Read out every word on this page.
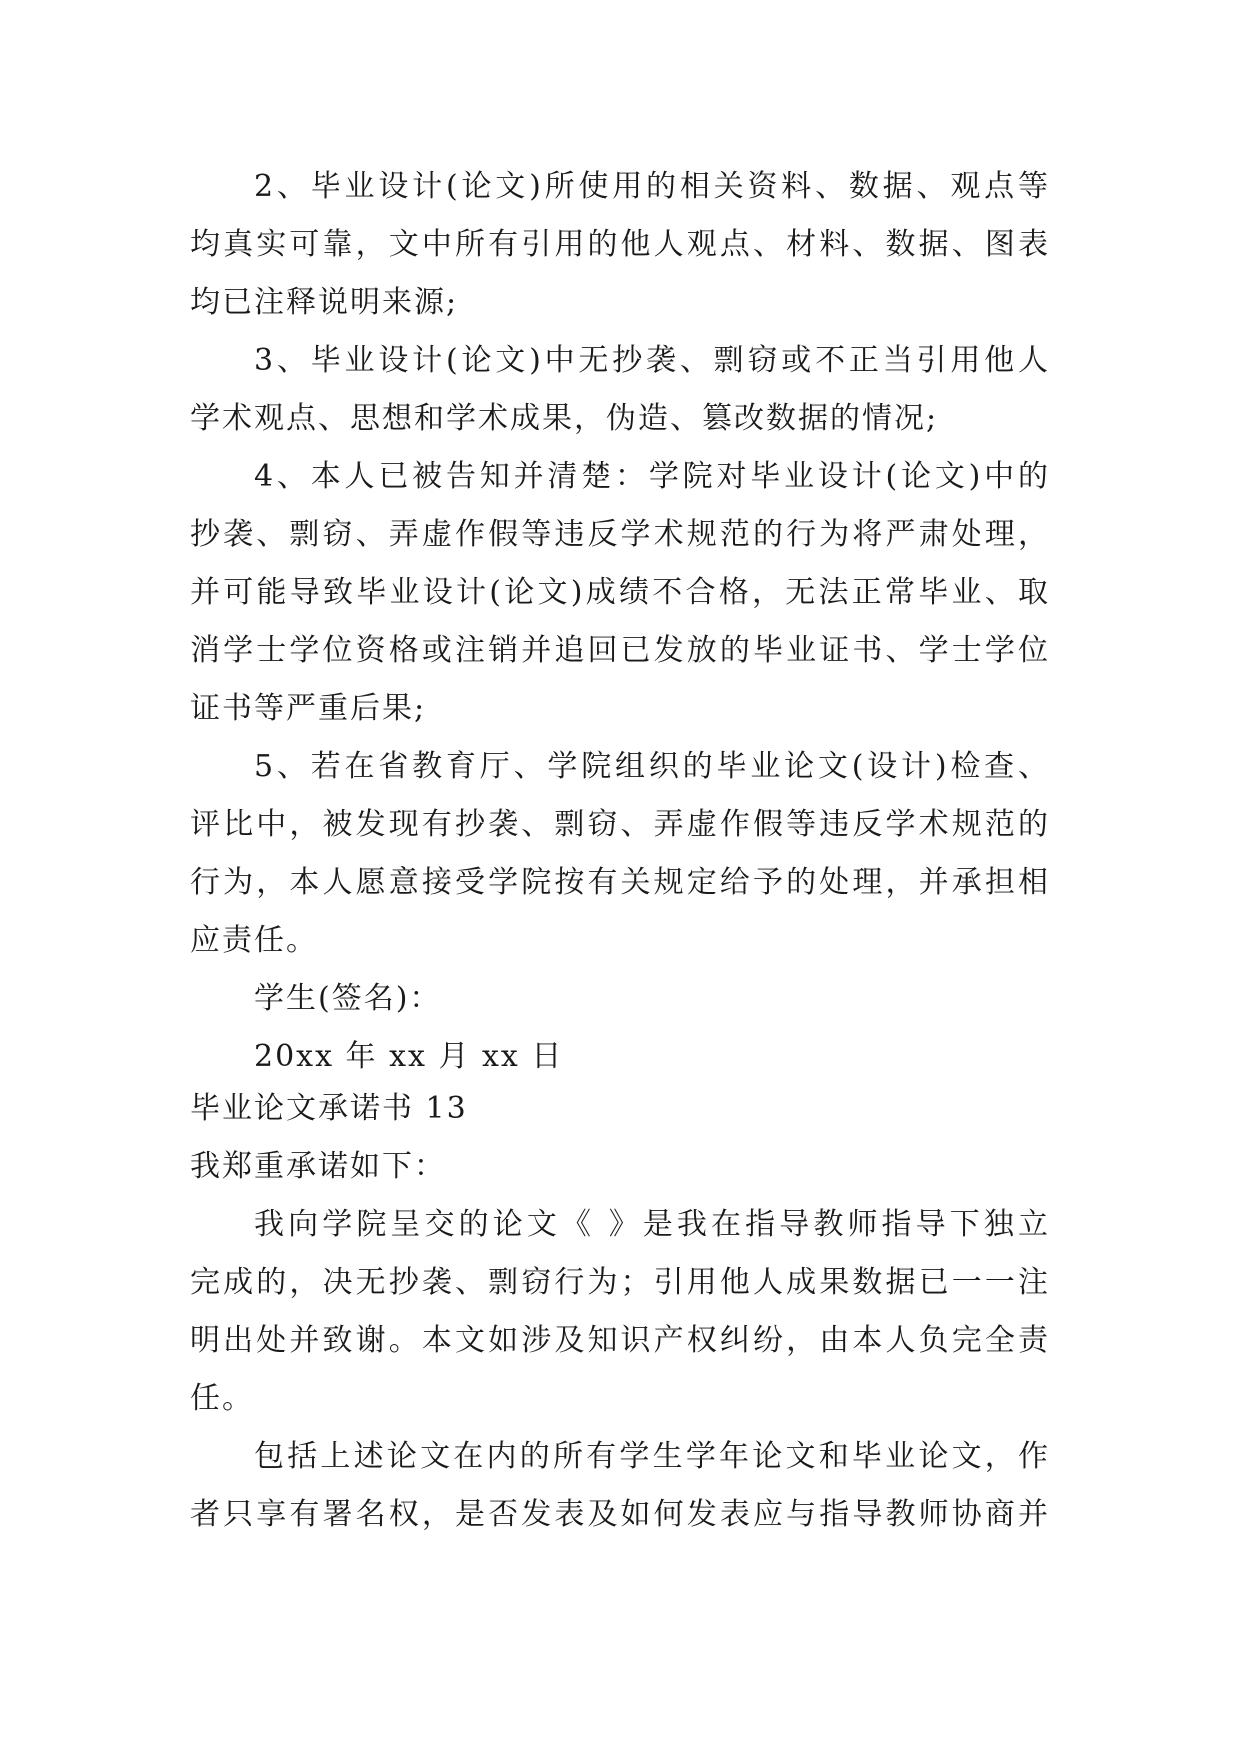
2、毕业设计(论文)所使用的相关资料、数据、观点等
均真实可靠，文中所有引用的他人观点、材料、数据、图表
均已注释说明来源;
3、毕业设计(论文)中无抄袭、剽窃或不正当引用他人
学术观点、思想和学术成果，伪造、篡改数据的情况;
4、本人已被告知并清楚：学院对毕业设计(论文)中的
抄袭、剽窃、弄虚作假等违反学术规范的行为将严肃处理，
并可能导致毕业设计(论文)成绩不合格，无法正常毕业、取
消学士学位资格或注销并追回已发放的毕业证书、学士学位
证书等严重后果;
5、若在省教育厅、学院组织的毕业论文(设计)检查、
评比中，被发现有抄袭、剽窃、弄虚作假等违反学术规范的
行为，本人愿意接受学院按有关规定给予的处理，并承担相
应责任。
学生(签名)：
20xx 年 xx 月 xx 日
毕业论文承诺书 13
我郑重承诺如下：
我向学院呈交的论文《 》是我在指导教师指导下独立
完成的，决无抄袭、剽窃行为；引用他人成果数据已一一注
明出处并致谢。本文如涉及知识产权纠纷，由本人负完全责
任。
包括上述论文在内的所有学生学年论文和毕业论文，作
者只享有署名权，是否发表及如何发表应与指导教师协商并
